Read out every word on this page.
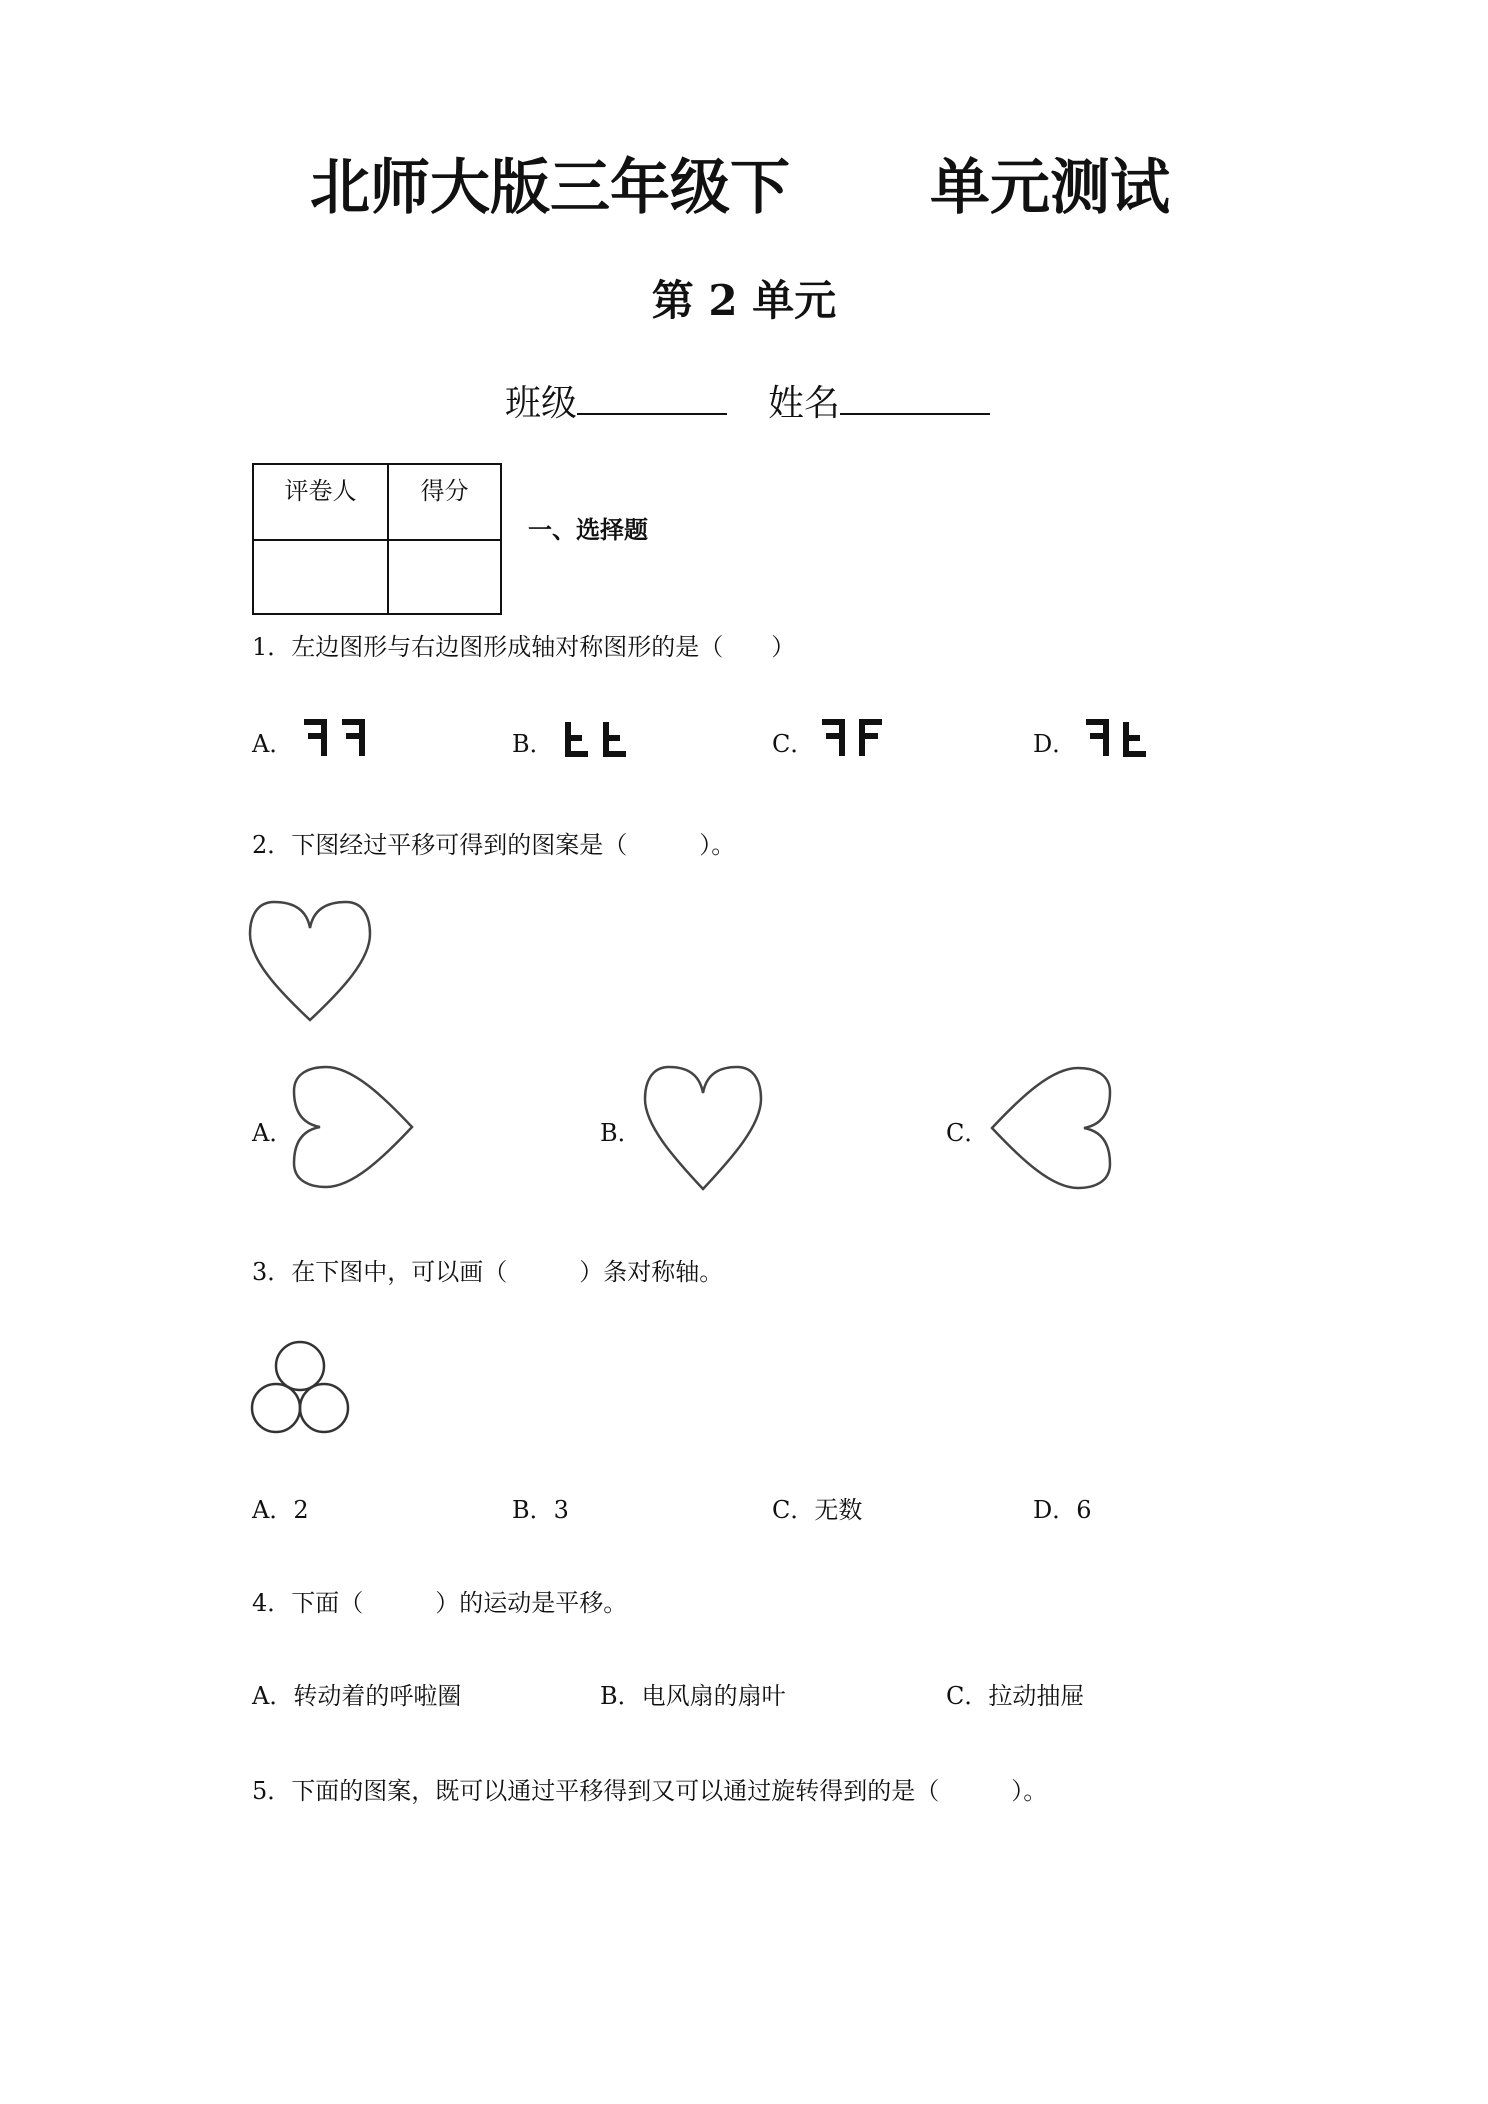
北师大版三年级下 单元测试
第 2 单元
班级	姓名
评卷人	得分

一、选择题
1．左边图形与右边图形成轴对称图形的是（　　）
A．	B．	C．	D．
2．下图经过平移可得到的图案是（　　　）。
A．	B．	C．
3．在下图中，可以画（　　　）条对称轴。
A．2	B．3	C．无数	D．6
4．下面（　　　）的运动是平移。
A．转动着的呼啦圈	B．电风扇的扇叶	C．拉动抽屉
5．下面的图案，既可以通过平移得到又可以通过旋转得到的是（　　　）。
